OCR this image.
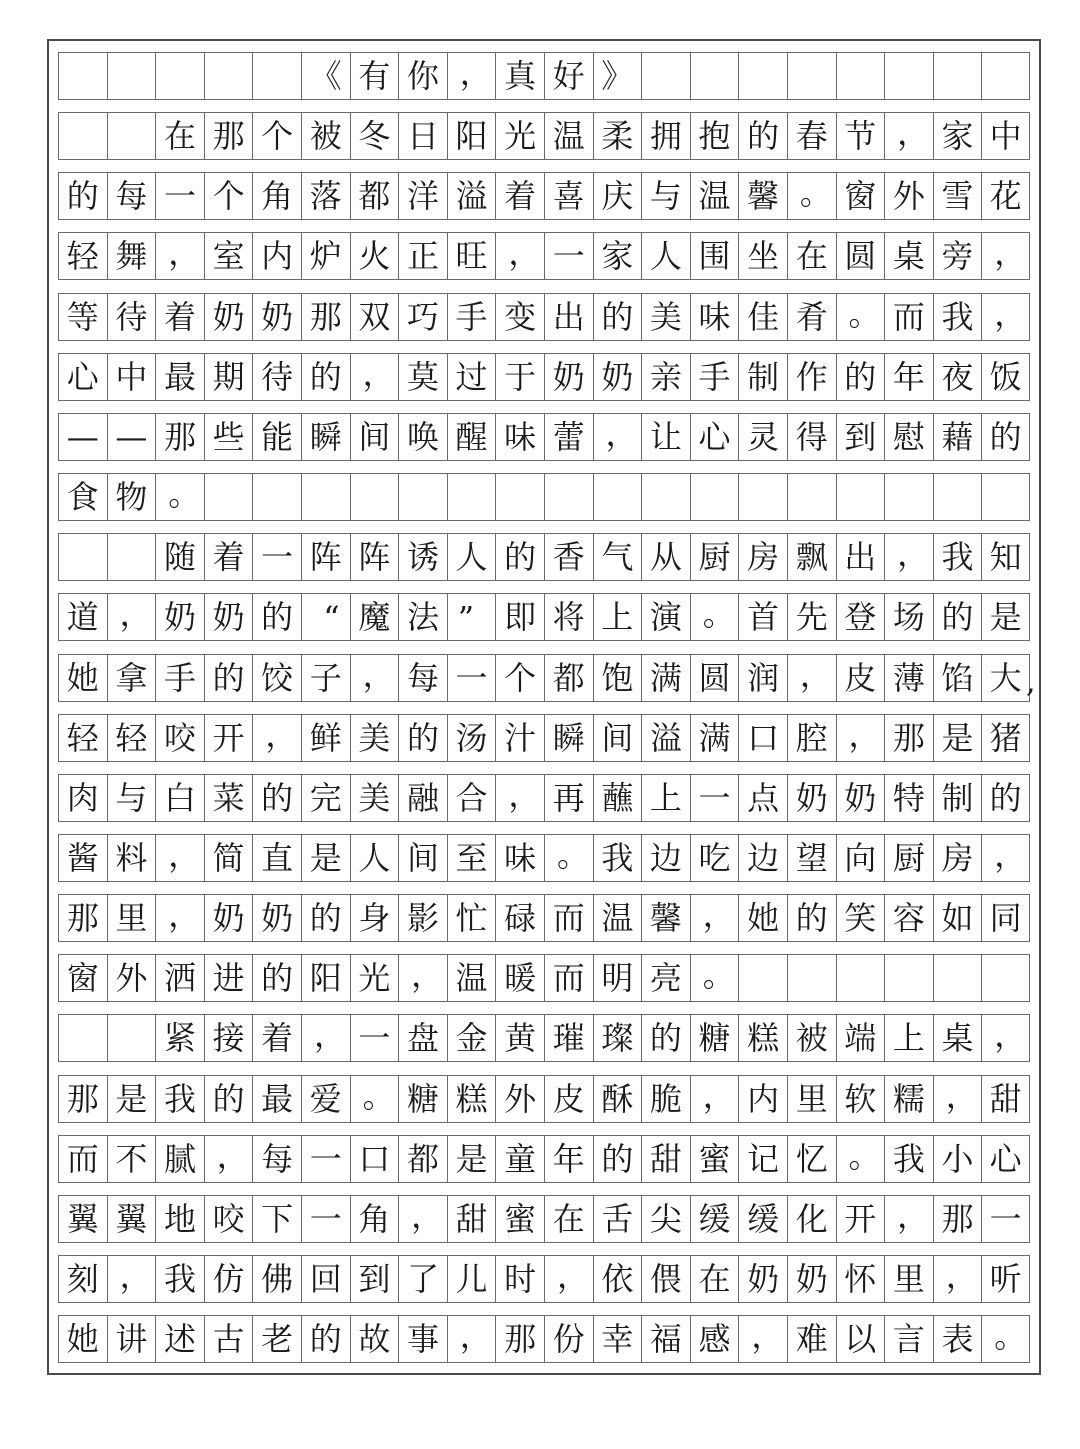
《 有 你 ， 真 好 》
在 那 个 被 冬 日 阳 光 温 柔 拥 抱 的 春 节 ， 家 中
的 每 一 个 角 落 都 洋 溢 着 喜 庆 与 温 馨 。 窗 外 雪 花
轻 舞 ， 室 内 炉 火 正 旺 ， 一 家 人 围 坐 在 圆 桌 旁 ，
等 待 着 奶 奶 那 双 巧 手 变 出 的 美 味 佳 肴 。 而 我 ，
心 中 最 期 待 的 ， 莫 过 于 奶 奶 亲 手 制 作 的 年 夜 饭
— — 那 些 能 瞬 间 唤 醒 味 蕾 ， 让 心 灵 得 到 慰 藉 的
食 物 。
随 着 一 阵 阵 诱 人 的 香 气 从 厨 房 飘 出 ， 我 知
道 ， 奶 奶 的 “ 魔 法 ” 即 将 上 演 。 首 先 登 场 的 是
她 拿 手 的 饺 子 ， 每 一 个 都 饱 满 圆 润 ， 皮 薄 馅 大
轻 轻 咬 开 ， 鲜 美 的 汤 汁 瞬 间 溢 满 口 腔 ， 那 是 猪
肉 与 白 菜 的 完 美 融 合 ， 再 蘸 上 一 点 奶 奶 特 制 的
酱 料 ， 简 直 是 人 间 至 味 。 我 边 吃 边 望 向 厨 房 ，
那 里 ， 奶 奶 的 身 影 忙 碌 而 温 馨 ， 她 的 笑 容 如 同
窗 外 洒 进 的 阳 光 ， 温 暖 而 明 亮 。
紧 接 着 ， 一 盘 金 黄 璀 璨 的 糖 糕 被 端 上 桌 ，
那 是 我 的 最 爱 。 糖 糕 外 皮 酥 脆 ， 内 里 软 糯 ， 甜
而 不 腻 ， 每 一 口 都 是 童 年 的 甜 蜜 记 忆 。 我 小 心
翼 翼 地 咬 下 一 角 ， 甜 蜜 在 舌 尖 缓 缓 化 开 ， 那 一
刻 ， 我 仿 佛 回 到 了 儿 时 ， 依 偎 在 奶 奶 怀 里 ， 听
她 讲 述 古 老 的 故 事 ， 那 份 幸 福 感 ， 难 以 言 表 。
,
